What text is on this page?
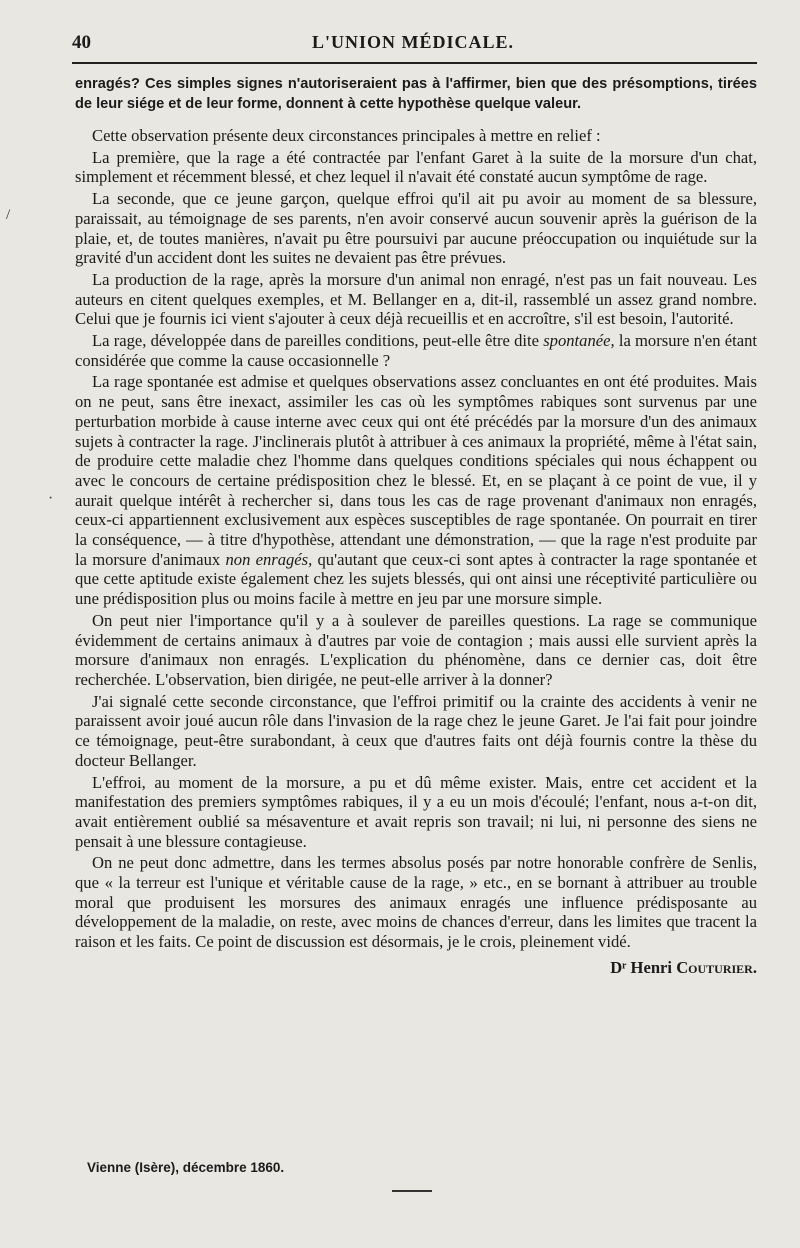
40	L'UNION MÉDICALE.
/
·

enragés? Ces simples signes n'autoriseraient pas à l'affirmer, bien que des présomptions, tirées de leur siége et de leur forme, donnent à cette hypothèse quelque valeur.

Cette observation présente deux circonstances principales à mettre en relief :

La première, que la rage a été contractée par l'enfant Garet à la suite de la morsure d'un chat, simplement et récemment blessé, et chez lequel il n'avait été constaté aucun symptôme de rage.

La seconde, que ce jeune garçon, quelque effroi qu'il ait pu avoir au moment de sa blessure, paraissait, au témoignage de ses parents, n'en avoir conservé aucun souvenir après la guérison de la plaie, et, de toutes manières, n'avait pu être poursuivi par aucune préoccupation ou inquiétude sur la gravité d'un accident dont les suites ne devaient pas être prévues.

La production de la rage, après la morsure d'un animal non enragé, n'est pas un fait nouveau. Les auteurs en citent quelques exemples, et M. Bellanger en a, dit-il, rassemblé un assez grand nombre. Celui que je fournis ici vient s'ajouter à ceux déjà recueillis et en accroître, s'il est besoin, l'autorité.

La rage, développée dans de pareilles conditions, peut-elle être dite spontanée, la morsure n'en étant considérée que comme la cause occasionnelle ?

La rage spontanée est admise et quelques observations assez concluantes en ont été produites. Mais on ne peut, sans être inexact, assimiler les cas où les symptômes rabiques sont survenus par une perturbation morbide à cause interne avec ceux qui ont été précédés par la morsure d'un des animaux sujets à contracter la rage. J'inclinerais plutôt à attribuer à ces animaux la propriété, même à l'état sain, de produire cette maladie chez l'homme dans quelques conditions spéciales qui nous échappent ou avec le concours de certaine prédisposition chez le blessé. Et, en se plaçant à ce point de vue, il y aurait quelque intérêt à rechercher si, dans tous les cas de rage provenant d'animaux non enragés, ceux-ci appartiennent exclusivement aux espèces susceptibles de rage spontanée. On pourrait en tirer la conséquence, — à titre d'hypothèse, attendant une démonstration, — que la rage n'est produite par la morsure d'animaux non enragés, qu'autant que ceux-ci sont aptes à contracter la rage spontanée et que cette aptitude existe également chez les sujets blessés, qui ont ainsi une réceptivité particulière ou une prédisposition plus ou moins facile à mettre en jeu par une morsure simple.

On peut nier l'importance qu'il y a à soulever de pareilles questions. La rage se communique évidemment de certains animaux à d'autres par voie de contagion ; mais aussi elle survient après la morsure d'animaux non enragés. L'explication du phénomène, dans ce dernier cas, doit être recherchée. L'observation, bien dirigée, ne peut-elle arriver à la donner?

J'ai signalé cette seconde circonstance, que l'effroi primitif ou la crainte des accidents à venir ne paraissent avoir joué aucun rôle dans l'invasion de la rage chez le jeune Garet. Je l'ai fait pour joindre ce témoignage, peut-être surabondant, à ceux que d'autres faits ont déjà fournis contre la thèse du docteur Bellanger.

L'effroi, au moment de la morsure, a pu et dû même exister. Mais, entre cet accident et la manifestation des premiers symptômes rabiques, il y a eu un mois d'écoulé; l'enfant, nous a-t-on dit, avait entièrement oublié sa mésaventure et avait repris son travail; ni lui, ni personne des siens ne pensait à une blessure contagieuse.

On ne peut donc admettre, dans les termes absolus posés par notre honorable confrère de Senlis, que « la terreur est l'unique et véritable cause de la rage, » etc., en se bornant à attribuer au trouble moral que produisent les morsures des animaux enragés une influence prédisposante au développement de la maladie, on reste, avec moins de chances d'erreur, dans les limites que tracent la raison et les faits. Ce point de discussion est désormais, je le crois, pleinement vidé.

Dʳ Henri Couturier.
Vienne (Isère), décembre 1860.
